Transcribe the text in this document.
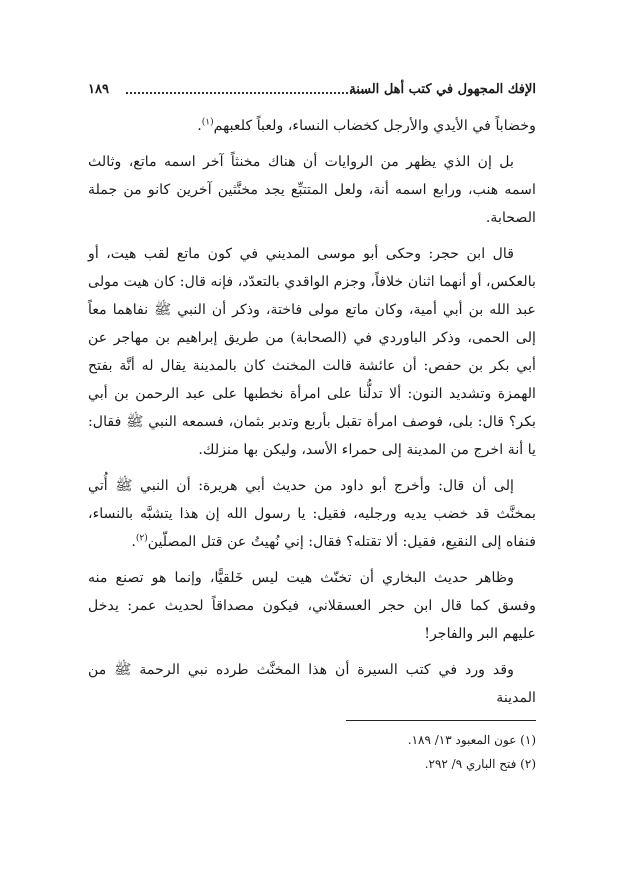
الإفك المجهول في كتب أهل السنة
١٨٩

وخضاباً في الأيدي والأرجل كخضاب النساء، ولعباً كلعبهم$^{(١)}$.

بل إن الذي يظهر من الروايات أن هناك مخنثاً آخر اسمه ماتع، وثالث اسمه هنب، ورابع اسمه أنة، ولعل المتتبِّع يجد مخنَّثين آخرين كانو من جملة الصحابة.

قال ابن حجر: وحكى أبو موسى المديني في كون ماتع لقب هيت، أو بالعكس، أو أنهما اثنان خلافاً، وجزم الواقدي بالتعدّد، فإنه قال: كان هيت مولى عبد الله بن أبي أمية، وكان ماتع مولى فاختة، وذكر أن النبي ﷺ نفاهما معاً إلى الحمى، وذكر الباوردي في (الصحابة) من طريق إبراهيم بن مهاجر عن أبي بكر بن حفص: أن عائشة قالت المخنث كان بالمدينة يقال له أنَّة بفتح الهمزة وتشديد النون: ألا تدلُّنا على امرأة نخطبها على عبد الرحمن بن أبي بكر؟ قال: بلى، فوصف امرأة تقبل بأربع وتدبر بثمان، فسمعه النبي ﷺ فقال: يا أنة اخرج من المدينة إلى حمراء الأسد، وليكن بها منزلك.

إلى أن قال: وأخرج أبو داود من حديث أبي هريرة: أن النبي ﷺ أُتي بمخنَّث قد خضب يديه ورجليه، فقيل: يا رسول الله إن هذا يتشبَّه بالنساء، فنفاه إلى النقيع، فقيل: ألا تقتله؟ فقال: إني نُهيتُ عن قتل المصلّين$^{(٢)}$.

وظاهر حديث البخاري أن تخنّث هيت ليس خَلقيًّا، وإنما هو تصنع منه وفسق كما قال ابن حجر العسقلاني، فيكون مصداقاً لحديث عمر: يدخل عليهم البر والفاجر!

وقد ورد في كتب السيرة أن هذا المخنَّث طرده نبي الرحمة ﷺ من المدينة

(١) عون المعبود ١٣/ ١٨٩.

(٢) فتح الباري ٩/ ٢٩٢.
